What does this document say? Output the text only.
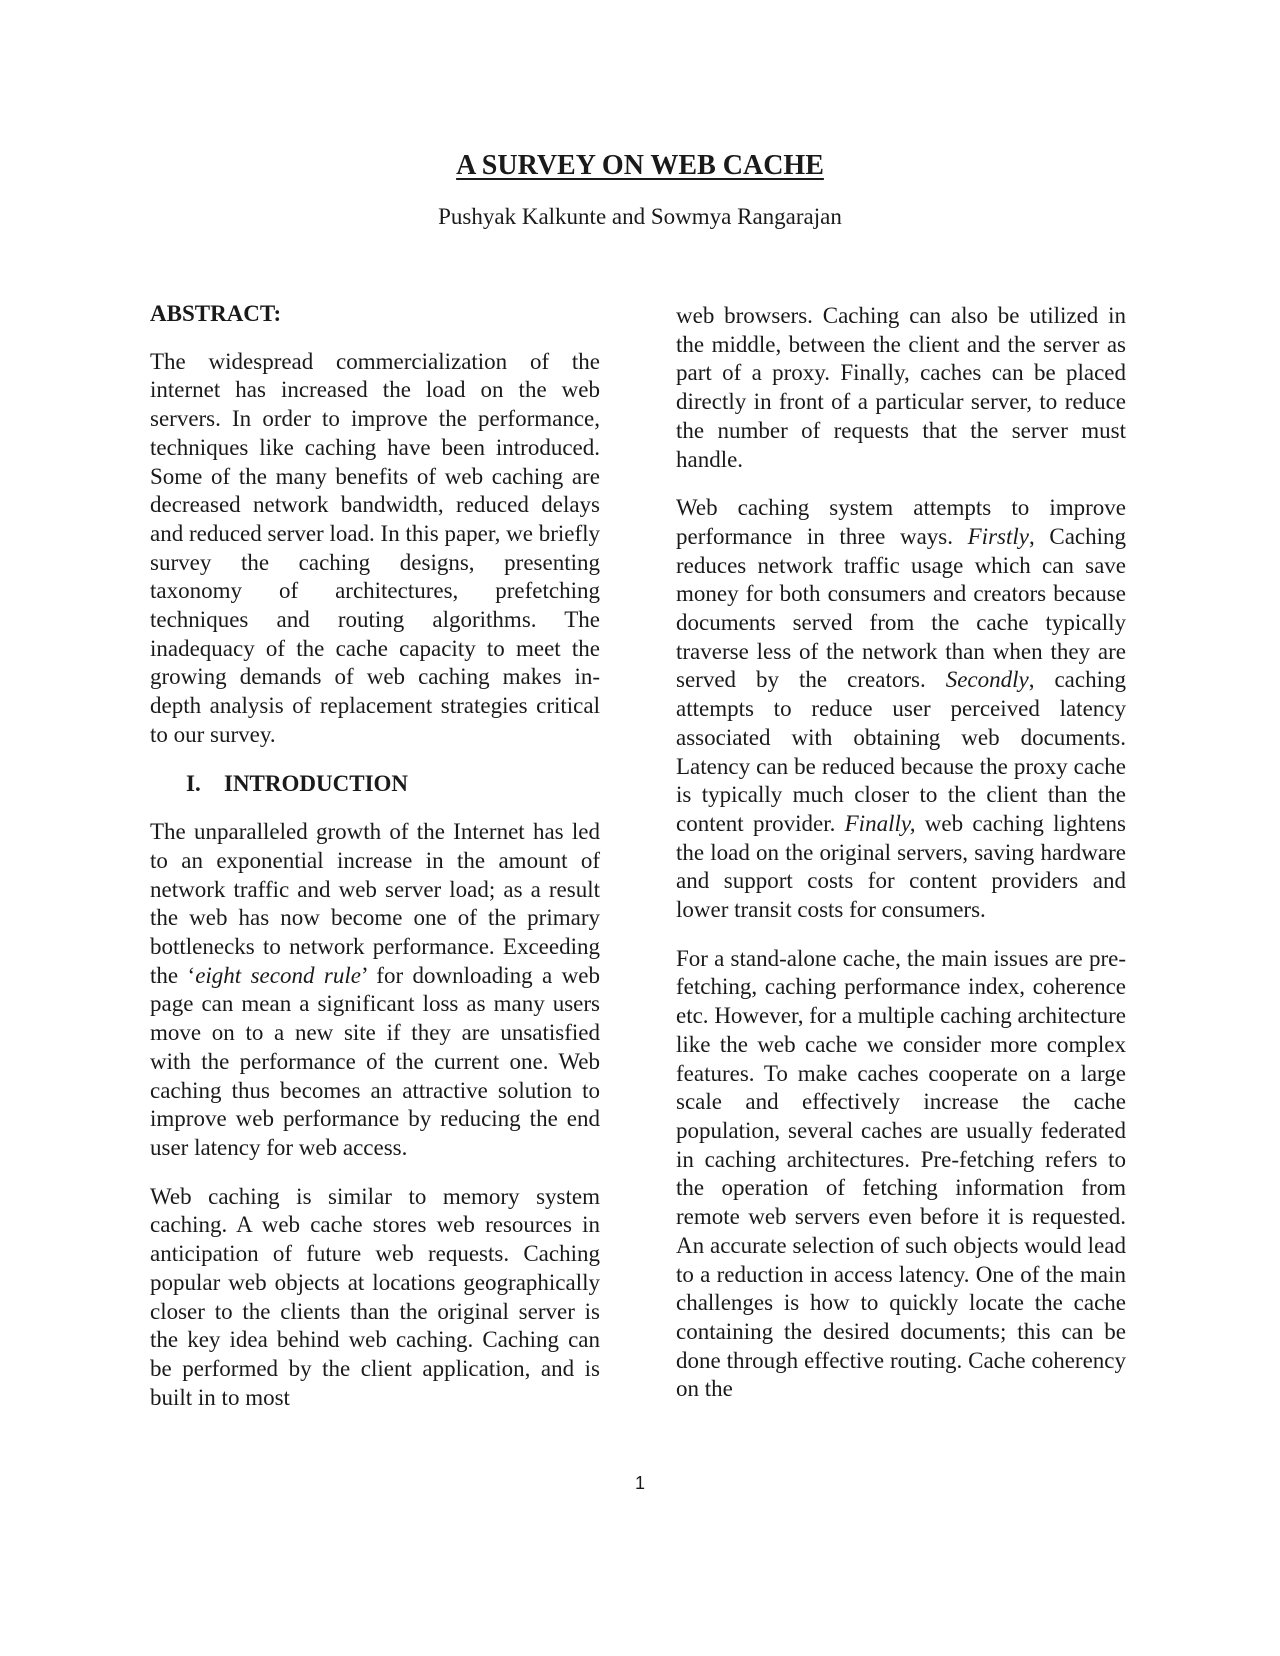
A SURVEY ON WEB CACHE
Pushyak Kalkunte and Sowmya Rangarajan
ABSTRACT:

The widespread commercialization of the internet has increased the load on the web servers. In order to improve the performance, techniques like caching have been introduced. Some of the many benefits of web caching are decreased network bandwidth, reduced delays and reduced server load. In this paper, we briefly survey the caching designs, presenting taxonomy of architectures, prefetching techniques and routing algorithms. The inadequacy of the cache capacity to meet the growing demands of web caching makes in-depth analysis of replacement strategies critical to our survey.

I. INTRODUCTION

The unparalleled growth of the Internet has led to an exponential increase in the amount of network traffic and web server load; as a result the web has now become one of the primary bottlenecks to network performance. Exceeding the ‘eight second rule’ for downloading a web page can mean a significant loss as many users move on to a new site if they are unsatisfied with the performance of the current one. Web caching thus becomes an attractive solution to improve web performance by reducing the end user latency for web access.

Web caching is similar to memory system caching. A web cache stores web resources in anticipation of future web requests. Caching popular web objects at locations geographically closer to the clients than the original server is the key idea behind web caching. Caching can be performed by the client application, and is built in to most

web browsers. Caching can also be utilized in the middle, between the client and the server as part of a proxy. Finally, caches can be placed directly in front of a particular server, to reduce the number of requests that the server must handle.

Web caching system attempts to improve performance in three ways. Firstly, Caching reduces network traffic usage which can save money for both consumers and creators because documents served from the cache typically traverse less of the network than when they are served by the creators. Secondly, caching attempts to reduce user perceived latency associated with obtaining web documents. Latency can be reduced because the proxy cache is typically much closer to the client than the content provider. Finally, web caching lightens the load on the original servers, saving hardware and support costs for content providers and lower transit costs for consumers.

For a stand-alone cache, the main issues are pre-fetching, caching performance index, coherence etc. However, for a multiple caching architecture like the web cache we consider more complex features. To make caches cooperate on a large scale and effectively increase the cache population, several caches are usually federated in caching architectures. Pre-fetching refers to the operation of fetching information from remote web servers even before it is requested. An accurate selection of such objects would lead to a reduction in access latency. One of the main challenges is how to quickly locate the cache containing the desired documents; this can be done through effective routing. Cache coherency on the

1
